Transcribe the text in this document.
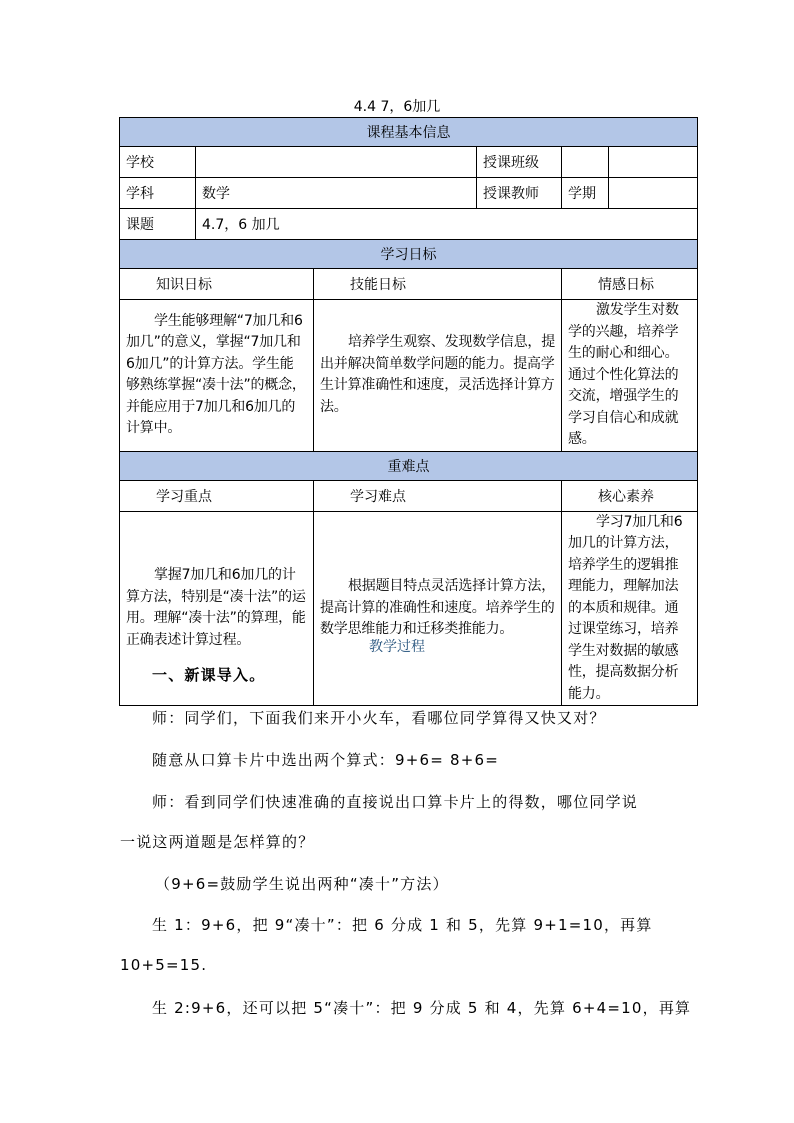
4.4 7，6加几
课程基本信息					
学校			授课班级		
学科	数学		授课教师	学期	
课题	4.7，6 加几				
学习日标					
知识日标		技能日标		情感日标	
学生能够理解“7加几和6加几”的意义，掌握“7加几和6加几”的计算方法。学生能够熟练掌握“凑十法”的概念，并能应用于7加几和6加几的计算中。		培养学生观察、发现数学信息，提出并解决简单数学问题的能力。提高学生计算准确性和速度，灵活选择计算方法。		激发学生对数学的兴趣，培养学生的耐心和细心。通过个性化算法的交流，增强学生的学习自信心和成就感。	
重难点					
学习重点		学习难点		核心素养	
掌握7加几和6加几的计算方法，特别是“凑十法”的运用。理解“凑十法”的算理，能正确表述计算过程。		根据题目特点灵活选择计算方法，提高计算的准确性和速度。培养学生的数学思维能力和迁移类推能力。		学习7加几和6加几的计算方法，培养学生的逻辑推理能力，理解加法的本质和规律。通过课堂练习，培养学生对数据的敏感性，提高数据分析能力。	
教学过程
一、新课导入。
师：同学们，下面我们来开小火车，看哪位同学算得又快又对？
随意从口算卡片中选出两个算式：9+6= 8+6=
师：看到同学们快速准确的直接说出口算卡片上的得数，哪位同学说
一说这两道题是怎样算的？
（9+6=鼓励学生说出两种“凑十”方法）
生 1：9+6，把 9“凑十”：把 6 分成 1 和 5，先算 9+1=10，再算
10+5=15.
生 2:9+6，还可以把 5“凑十”：把 9 分成 5 和 4，先算 6+4=10，再算
